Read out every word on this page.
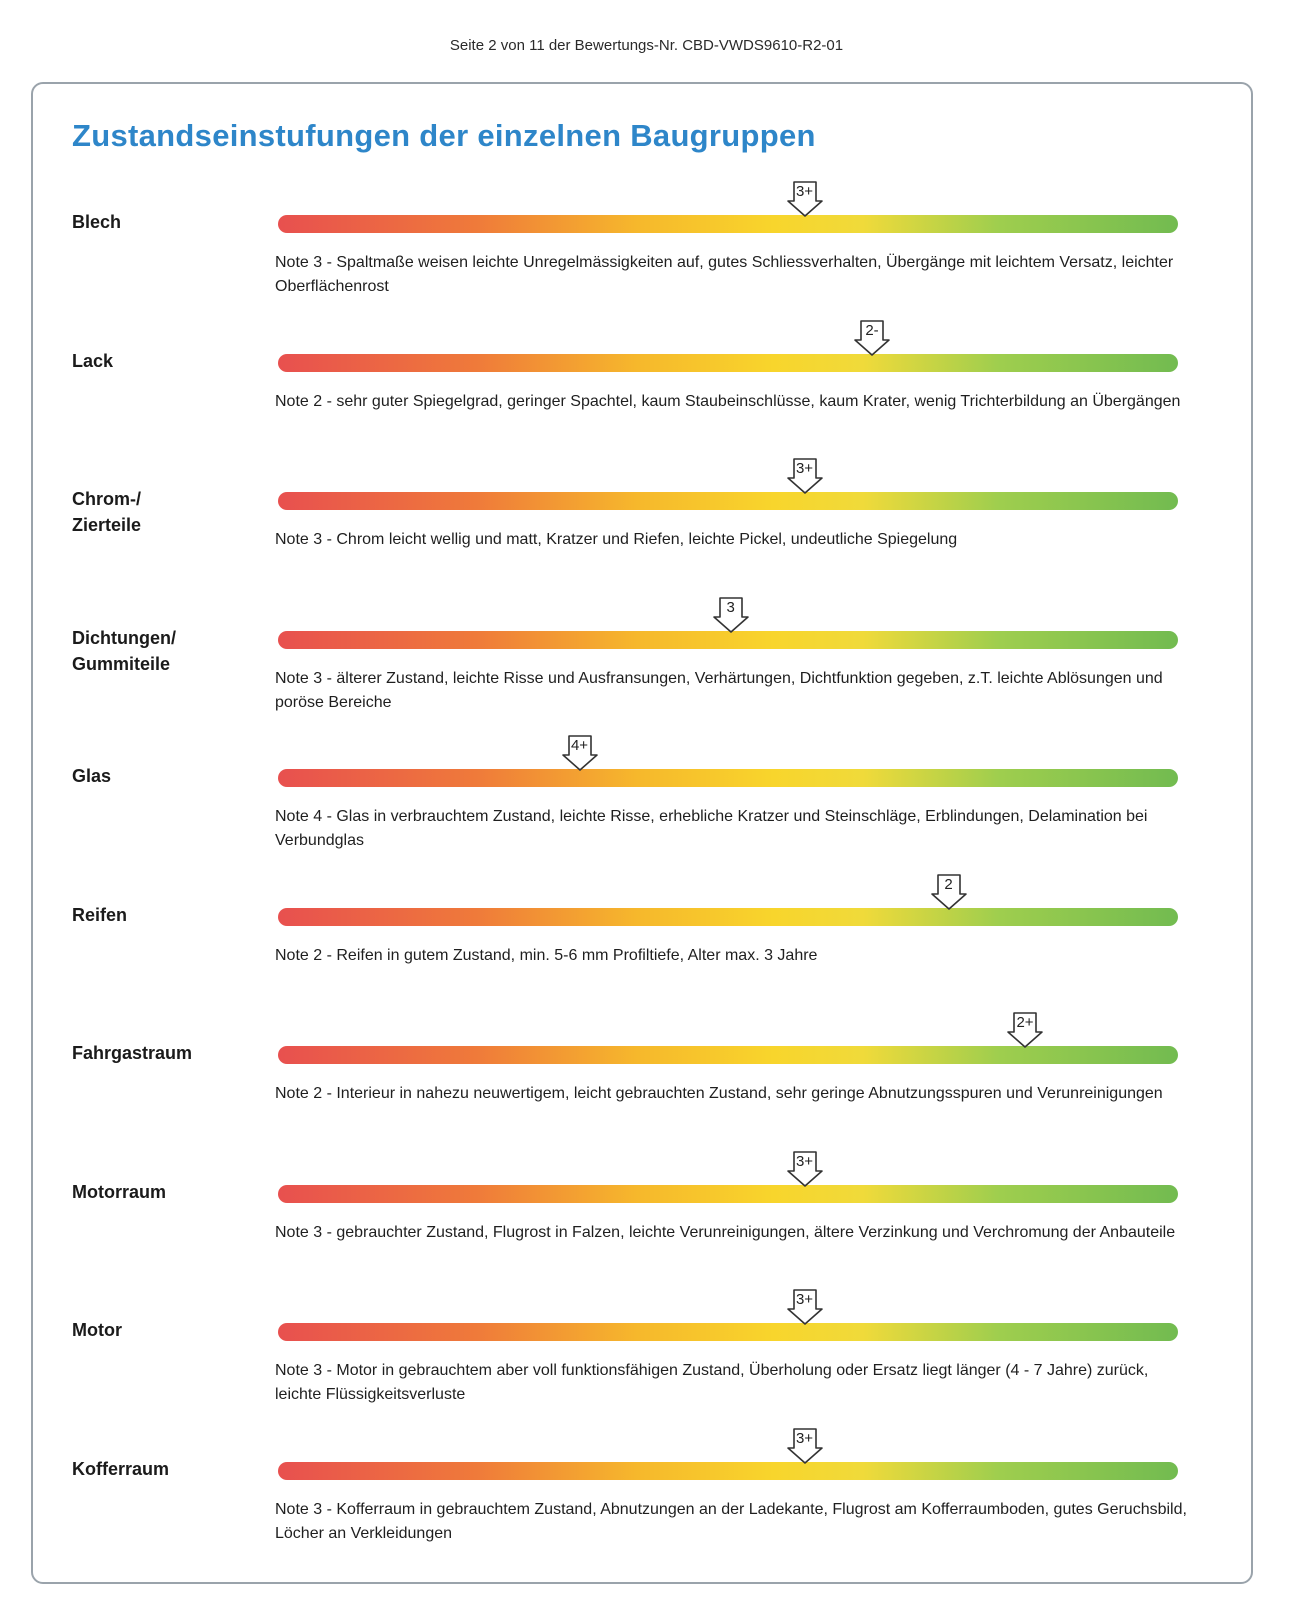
Seite 2 von 11 der Bewertungs-Nr. CBD-VWDS9610-R2-01
Zustandseinstufungen der einzelnen Baugruppen
Blech
3+
Note 3 - Spaltmaße weisen leichte Unregelmässigkeiten auf, gutes Schliessverhalten, Übergänge mit leichtem Versatz, leichter Oberflächenrost
Lack
2-
Note 2 - sehr guter Spiegelgrad, geringer Spachtel, kaum Staubeinschlüsse, kaum Krater, wenig Trichterbildung an Übergängen
Chrom-/
Zierteile
3+
Note 3 - Chrom leicht wellig und matt, Kratzer und Riefen, leichte Pickel, undeutliche Spiegelung
Dichtungen/
Gummiteile
3
Note 3 - älterer Zustand, leichte Risse und Ausfransungen, Verhärtungen, Dichtfunktion gegeben, z.T. leichte Ablösungen und poröse Bereiche
Glas
4+
Note 4 - Glas in verbrauchtem Zustand, leichte Risse, erhebliche Kratzer und Steinschläge, Erblindungen, Delamination bei Verbundglas
Reifen
2
Note 2 - Reifen in gutem Zustand, min. 5-6 mm Profiltiefe, Alter max. 3 Jahre
Fahrgastraum
2+
Note 2 - Interieur in nahezu neuwertigem, leicht gebrauchten Zustand, sehr geringe Abnutzungsspuren und Verunreinigungen
Motorraum
3+
Note 3 - gebrauchter Zustand, Flugrost in Falzen, leichte Verunreinigungen, ältere Verzinkung und Verchromung der Anbauteile
Motor
3+
Note 3 - Motor in gebrauchtem aber voll funktionsfähigen Zustand, Überholung oder Ersatz liegt länger (4 - 7 Jahre) zurück, leichte Flüssigkeitsverluste
Kofferraum
3+
Note 3 - Kofferraum in gebrauchtem Zustand, Abnutzungen an der Ladekante, Flugrost am Kofferraumboden, gutes Geruchsbild, Löcher an Verkleidungen
